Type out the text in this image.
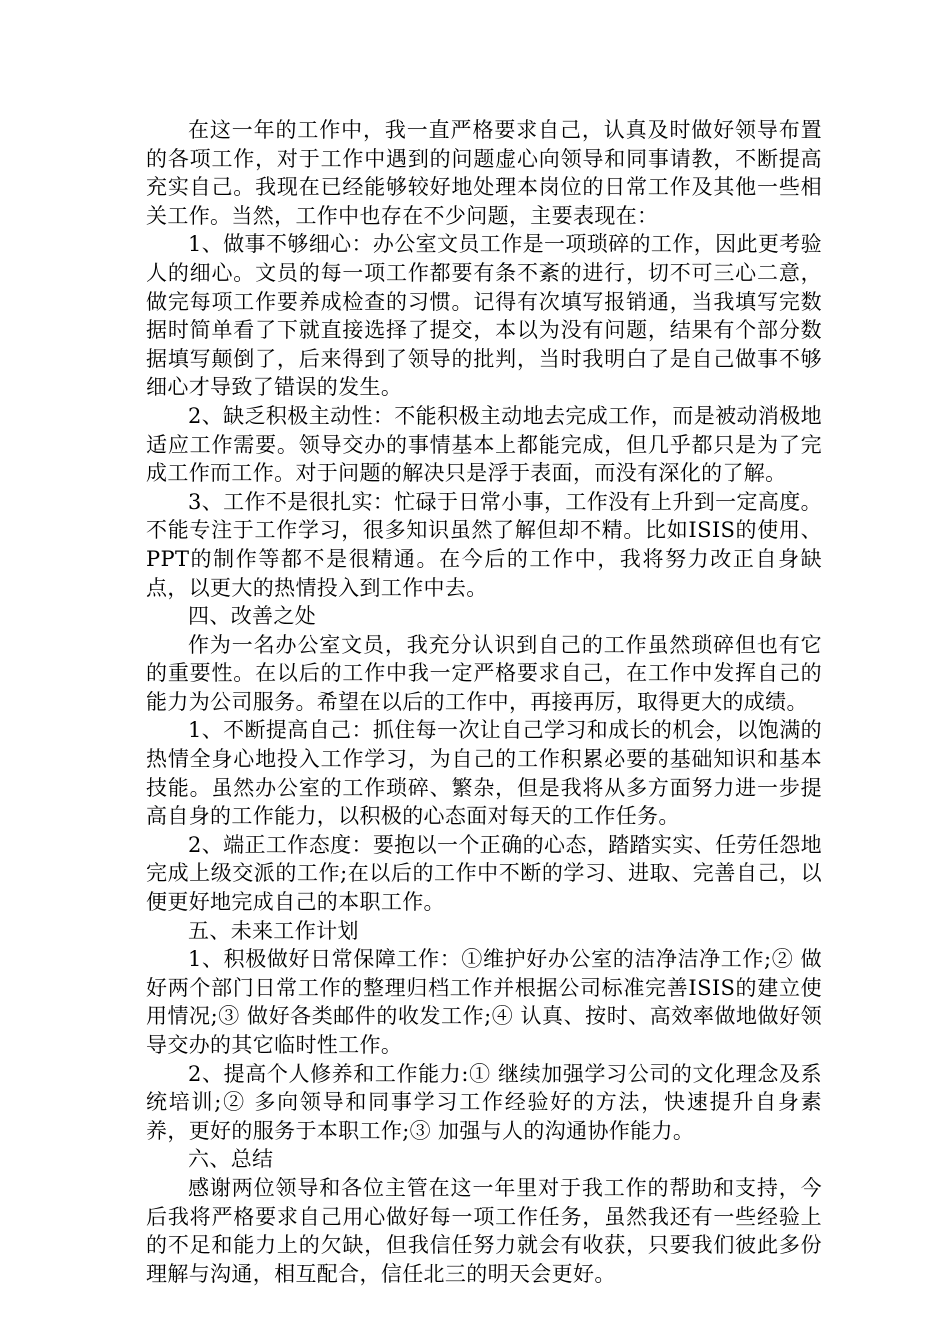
在这一年的工作中，我一直严格要求自己，认真及时做好领导布置的各项工作，对于工作中遇到的问题虚心向领导和同事请教，不断提高充实自己。我现在已经能够较好地处理本岗位的日常工作及其他一些相关工作。当然，工作中也存在不少问题，主要表现在：

1、做事不够细心：办公室文员工作是一项琐碎的工作，因此更考验人的细心。文员的每一项工作都要有条不紊的进行，切不可三心二意，做完每项工作要养成检查的习惯。记得有次填写报销通，当我填写完数据时简单看了下就直接选择了提交，本以为没有问题，结果有个部分数据填写颠倒了，后来得到了领导的批判，当时我明白了是自己做事不够细心才导致了错误的发生。

2、缺乏积极主动性：不能积极主动地去完成工作，而是被动消极地适应工作需要。领导交办的事情基本上都能完成，但几乎都只是为了完成工作而工作。对于问题的解决只是浮于表面，而没有深化的了解。

3、工作不是很扎实：忙碌于日常小事，工作没有上升到一定高度。不能专注于工作学习，很多知识虽然了解但却不精。比如ISIS的使用、PPT的制作等都不是很精通。在今后的工作中，我将努力改正自身缺点，以更大的热情投入到工作中去。

四、改善之处

作为一名办公室文员，我充分认识到自己的工作虽然琐碎但也有它的重要性。在以后的工作中我一定严格要求自己，在工作中发挥自己的能力为公司服务。希望在以后的工作中，再接再厉，取得更大的成绩。

1、不断提高自己：抓住每一次让自己学习和成长的机会，以饱满的热情全身心地投入工作学习，为自己的工作积累必要的基础知识和基本技能。虽然办公室的工作琐碎、繁杂，但是我将从多方面努力进一步提高自身的工作能力，以积极的心态面对每天的工作任务。

2、端正工作态度：要抱以一个正确的心态，踏踏实实、任劳任怨地完成上级交派的工作;在以后的工作中不断的学习、进取、完善自己，以便更好地完成自己的本职工作。

五、未来工作计划

1、积极做好日常保障工作：①维护好办公室的洁净洁净工作;② 做好两个部门日常工作的整理归档工作并根据公司标准完善ISIS的建立使用情况;③ 做好各类邮件的收发工作;④ 认真、按时、高效率做地做好领导交办的其它临时性工作。

2、提高个人修养和工作能力:① 继续加强学习公司的文化理念及系统培训;② 多向领导和同事学习工作经验好的方法，快速提升自身素养，更好的服务于本职工作;③ 加强与人的沟通协作能力。

六、总结

感谢两位领导和各位主管在这一年里对于我工作的帮助和支持，今后我将严格要求自己用心做好每一项工作任务，虽然我还有一些经验上的不足和能力上的欠缺，但我信任努力就会有收获，只要我们彼此多份理解与沟通，相互配合，信任北三的明天会更好。
